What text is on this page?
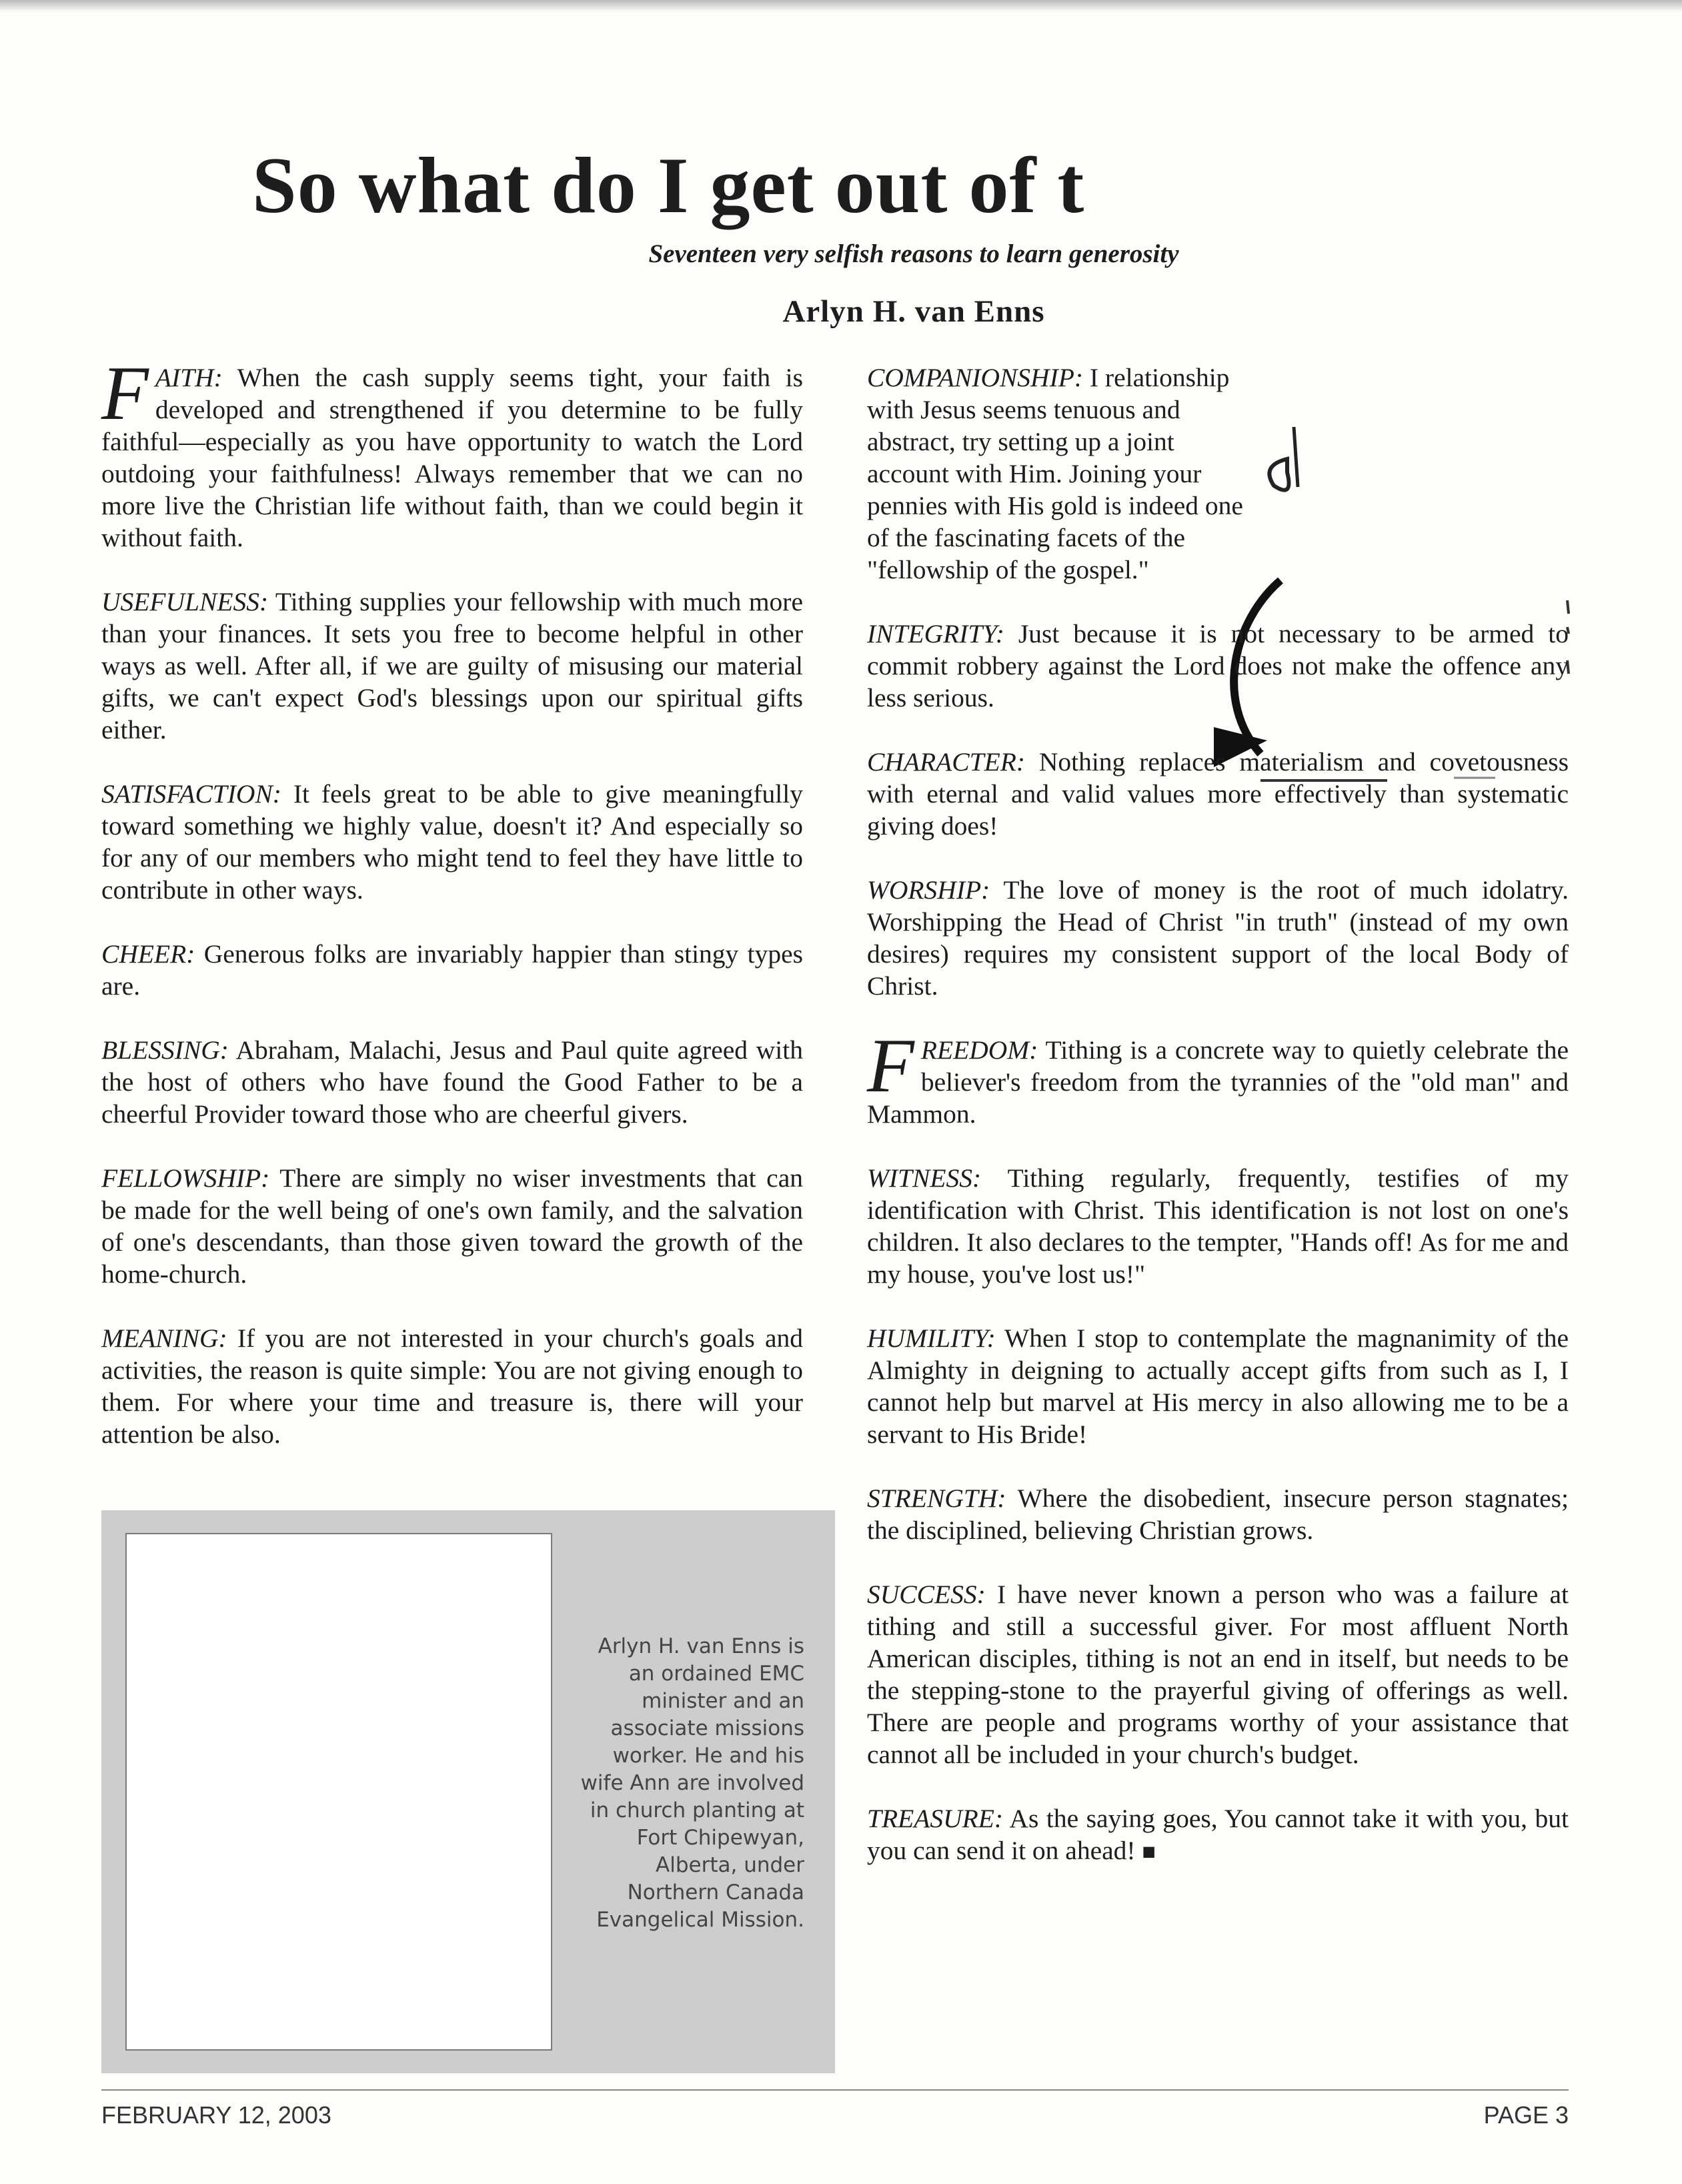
So what do I get out of t
Seventeen very selfish reasons to learn generosity
Arlyn H. van Enns

FAITH: When the cash supply seems tight, your faith is developed and strengthened if you determine to be fully faithful—especially as you have opportunity to watch the Lord outdoing your faithfulness! Always remember that we can no more live the Christian life without faith, than we could begin it without faith.

USEFULNESS: Tithing supplies your fellowship with much more than your finances. It sets you free to become helpful in other ways as well. After all, if we are guilty of misusing our material gifts, we can't expect God's blessings upon our spiritual gifts either.

SATISFACTION: It feels great to be able to give meaningfully toward something we highly value, doesn't it? And especially so for any of our members who might tend to feel they have little to contribute in other ways.

CHEER: Generous folks are invariably happier than stingy types are.

BLESSING: Abraham, Malachi, Jesus and Paul quite agreed with the host of others who have found the Good Father to be a cheerful Provider toward those who are cheerful givers.

FELLOWSHIP: There are simply no wiser investments that can be made for the well being of one's own family, and the salvation of one's descendants, than those given toward the growth of the home-church.

MEANING: If you are not interested in your church's goals and activities, the reason is quite simple: You are not giving enough to them. For where your time and treasure is, there will your attention be also.

Arlyn H. van Enns is an ordained EMC minister and an associate missions worker. He and his wife Ann are involved in church planting at Fort Chipewyan, Alberta, under Northern Canada Evangelical Mission.

COMPANIONSHIP: I relationship with Jesus seems tenuous and abstract, try setting up a joint account with Him. Joining your pennies with His gold is indeed one of the fascinating facets of the "fellowship of the gospel."

INTEGRITY: Just because it is not necessary to be armed to commit robbery against the Lord does not make the offence any less serious.

CHARACTER: Nothing replaces materialism and covetousness with eternal and valid values more effectively than systematic giving does!

WORSHIP: The love of money is the root of much idolatry. Worshipping the Head of Christ "in truth" (instead of my own desires) requires my consistent support of the local Body of Christ.

FREEDOM: Tithing is a concrete way to quietly celebrate the believer's freedom from the tyrannies of the "old man" and Mammon.

WITNESS: Tithing regularly, frequently, testifies of my identification with Christ. This identification is not lost on one's children. It also declares to the tempter, "Hands off! As for me and my house, you've lost us!"

HUMILITY: When I stop to contemplate the magnanimity of the Almighty in deigning to actually accept gifts from such as I, I cannot help but marvel at His mercy in also allowing me to be a servant to His Bride!

STRENGTH: Where the disobedient, insecure person stagnates; the disciplined, believing Christian grows.

SUCCESS: I have never known a person who was a failure at tithing and still a successful giver. For most affluent North American disciples, tithing is not an end in itself, but needs to be the stepping-stone to the prayerful giving of offerings as well. There are people and programs worthy of your assistance that cannot all be included in your church's budget.

TREASURE: As the saying goes, You cannot take it with you, but you can send it on ahead! ■

FEBRUARY 12, 2003	PAGE 3
